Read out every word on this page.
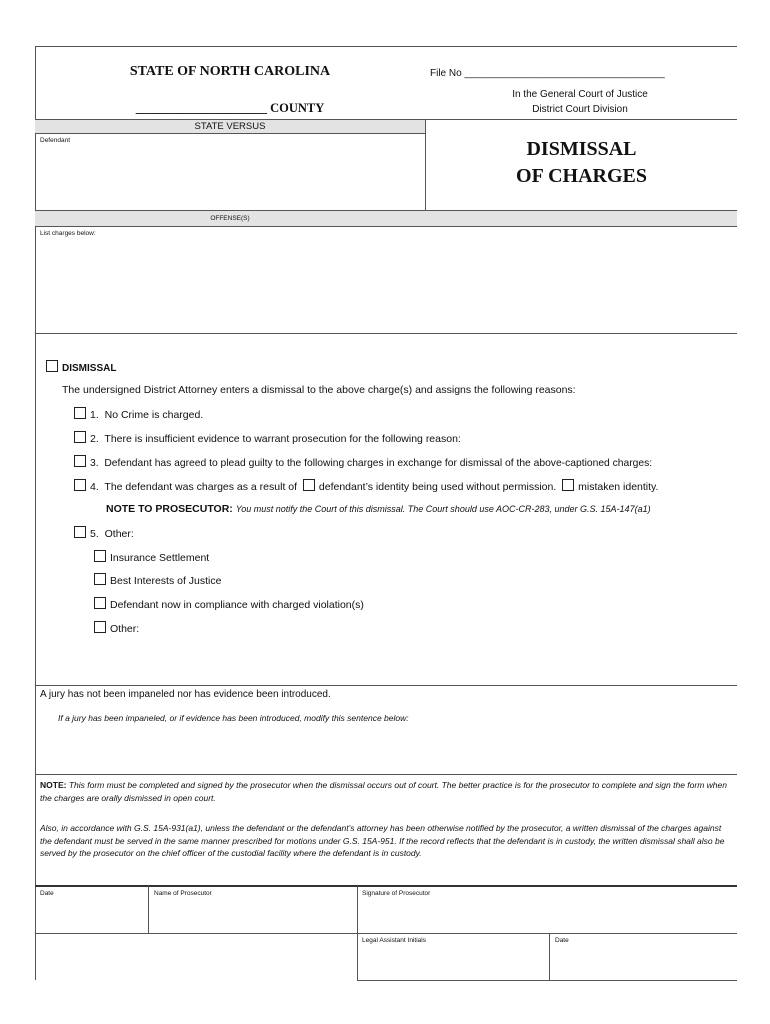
STATE OF NORTH CAROLINA
_____________________ COUNTY
File No ____________________________________
In the General Court of Justice
District Court Division
STATE VERSUS
Defendant	DISMISSAL
OF CHARGES
OFFENSE(S)
List charges below:
DISMISSAL
The undersigned District Attorney enters a dismissal to the above charge(s) and assigns the following reasons:
1. No Crime is charged.
2. There is insufficient evidence to warrant prosecution for the following reason:
3. Defendant has agreed to plead guilty to the following charges in exchange for dismissal of the above-captioned charges:
4. The defendant was charges as a result of defendant’s identity being used without permission. mistaken identity.
NOTE TO PROSECUTOR: You must notify the Court of this dismissal. The Court should use AOC-CR-283, under G.S. 15A-147(a1)
5. Other:
Insurance Settlement
Best Interests of Justice
Defendant now in compliance with charged violation(s)
Other:
A jury has not been impaneled nor has evidence been introduced.
If a jury has been impaneled, or if evidence has been introduced, modify this sentence below:
NOTE: This form must be completed and signed by the prosecutor when the dismissal occurs out of court. The better practice is for the prosecutor to complete and sign the form when the charges are orally dismissed in open court.
Also, in accordance with G.S. 15A-931(a1), unless the defendant or the defendant’s attorney has been otherwise notified by the prosecutor, a written dismissal of the charges against the defendant must be served in the same manner prescribed for motions under G.S. 15A-951. If the record reflects that the defendant is in custody, the written dismissal shall also be served by the prosecutor on the chief officer of the custodial facility where the defendant is in custody.
Date	Name of Prosecutor	Signature of Prosecutor
Legal Assistant Initials	Date
